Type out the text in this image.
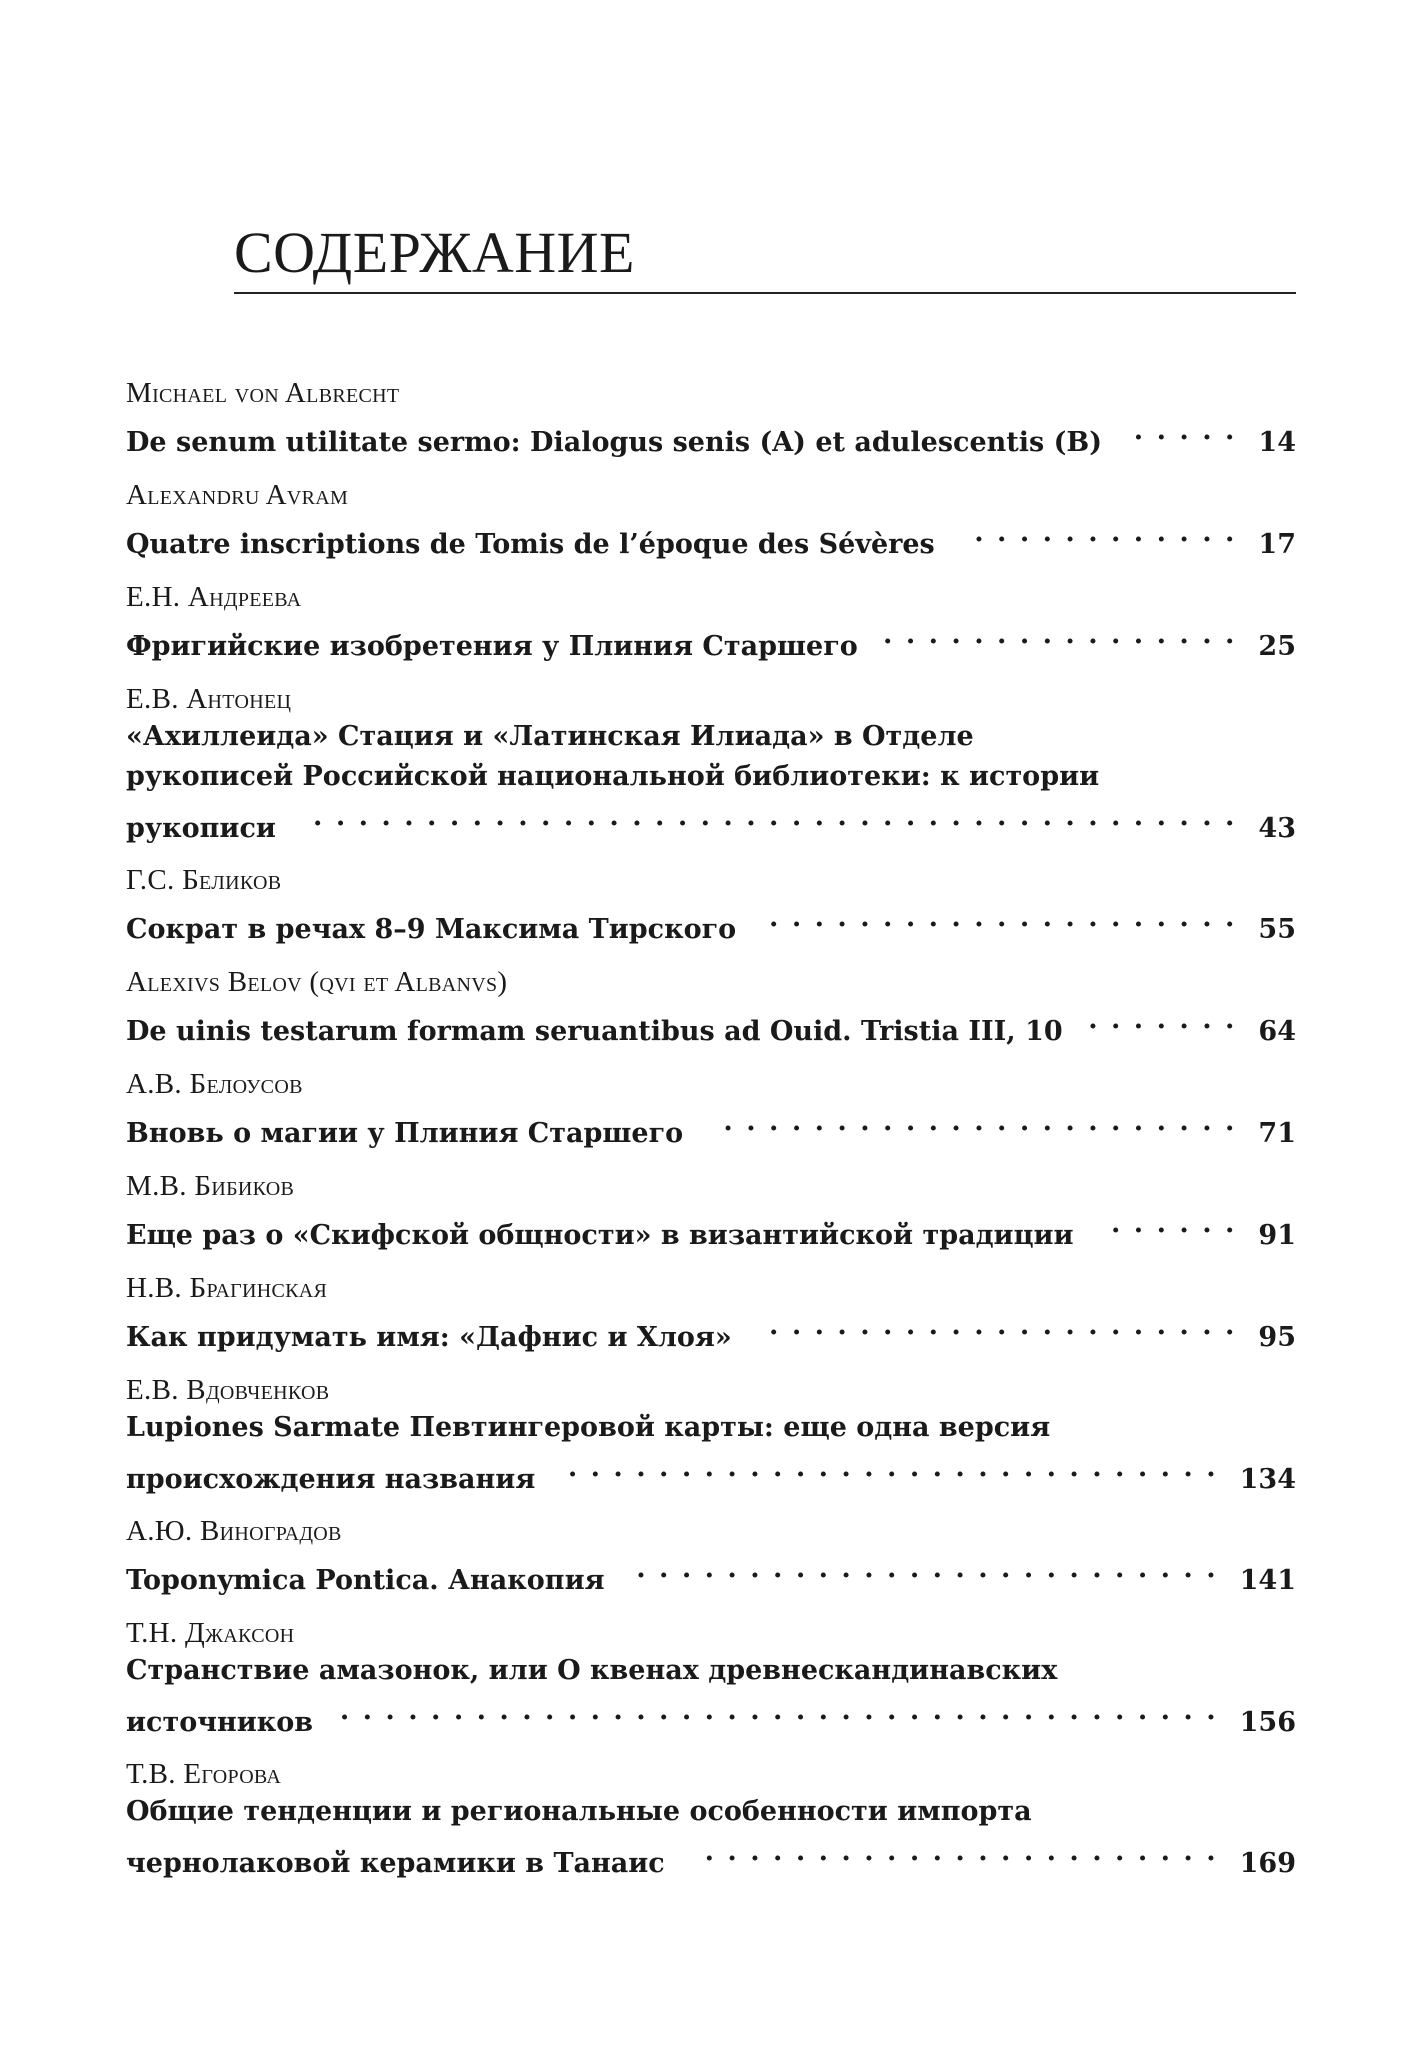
СОДЕРЖАНИЕ
Michael von Albrecht
De senum utilitate sermo: Dialogus senis (A) et adulescentis (B) . . .	14
Alexandru Avram
Quatre inscriptions de Tomis de l’époque des Sévères . . .	17
Е.Н. Андреева
Фригийские изобретения у Плиния Старшего . . .	25
Е.В. Антонец
«Ахиллеида» Стация и «Латинская Илиада» в Отделе
рукописей Российской национальной библиотеки: к истории
рукописи . . .	43
Г.С. Беликов
Сократ в речах 8–9 Максима Тирского . . .	55
Alexivs Belov (qvi et Albanvs)
De uinis testarum formam seruantibus ad Ouid. Tristia III, 10 . . .	64
А.В. Белоусов
Вновь о магии у Плиния Старшего . . .	71
М.В. Бибиков
Еще раз о «Скифской общности» в византийской традиции . . .	91
Н.В. Брагинская
Как придумать имя: «Дафнис и Хлоя» . . .	95
Е.В. Вдовченков
Lupiones Sarmate Певтингеровой карты: еще одна версия
происхождения названия . . .	134
А.Ю. Виноградов
Toponymica Pontica. Анакопия . . .	141
Т.Н. Джаксон
Странствие амазонок, или О квенах древнескандинавских
источников . . .	156
Т.В. Егорова
Общие тенденции и региональные особенности импорта
чернолаковой керамики в Танаис . . .	169
